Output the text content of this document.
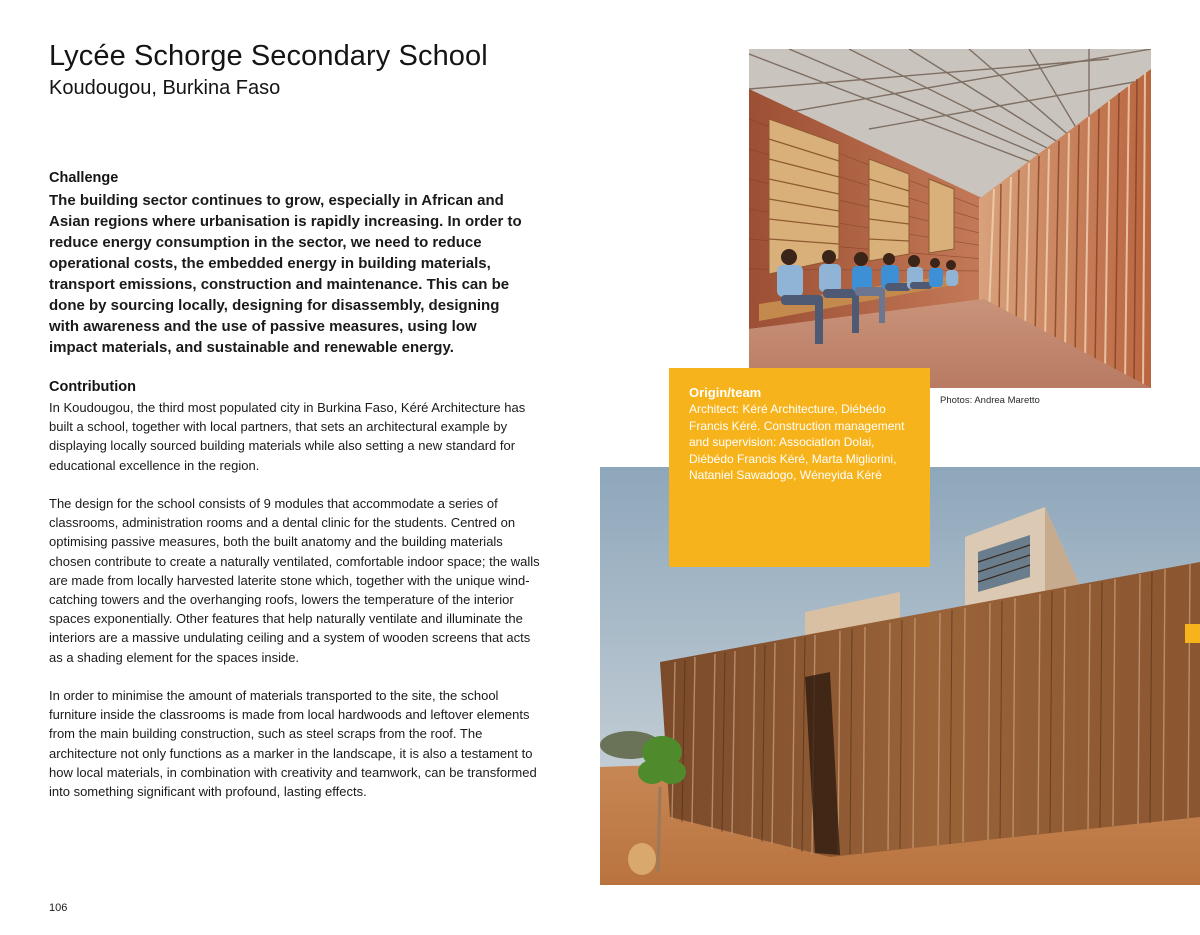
Lycée Schorge Secondary School
Koudougou, Burkina Faso
Challenge

The building sector continues to grow, especially in African and Asian regions where urbanisation is rapidly increasing. In order to reduce energy consumption in the sector, we need to reduce operational costs, the embedded energy in building materials, transport emissions, construction and maintenance. This can be done by sourcing locally, designing for disassembly, designing with awareness and the use of passive measures, using low impact materials, and sustainable and renewable energy.

Contribution

In Koudougou, the third most populated city in Burkina Faso, Kéré Architecture has built a school, together with local partners, that sets an architectural example by displaying locally sourced building materials while also setting a new standard for educational excellence in the region.

The design for the school consists of 9 modules that accommodate a series of classrooms, administration rooms and a dental clinic for the students. Centred on optimising passive measures, both the built anatomy and the building materials chosen contribute to create a naturally ventilated, comfortable indoor space; the walls are made from locally harvested laterite stone which, together with the unique wind-catching towers and the overhanging roofs, lowers the temperature of the interior spaces exponentially. Other features that help naturally ventilate and illuminate the interiors are a massive undulating ceiling and a system of wooden screens that acts as a shading element for the spaces inside.

In order to minimise the amount of materials transported to the site, the school furniture inside the classrooms is made from local hardwoods and leftover elements from the main building construction, such as steel scraps from the roof. The architecture not only functions as a marker in the landscape, it is also a testament to how local materials, in combination with creativity and teamwork, can be transformed into something significant with profound, lasting effects.

Photos: Andrea Maretto

Origin/team

Architect: Kéré Architecture, Diébédo Francis Kéré. Construction management and supervision: Association Dolai, Diébédo Francis Kéré, Marta Migliorini, Nataniel Sawadogo, Wéneyida Kéré

106
